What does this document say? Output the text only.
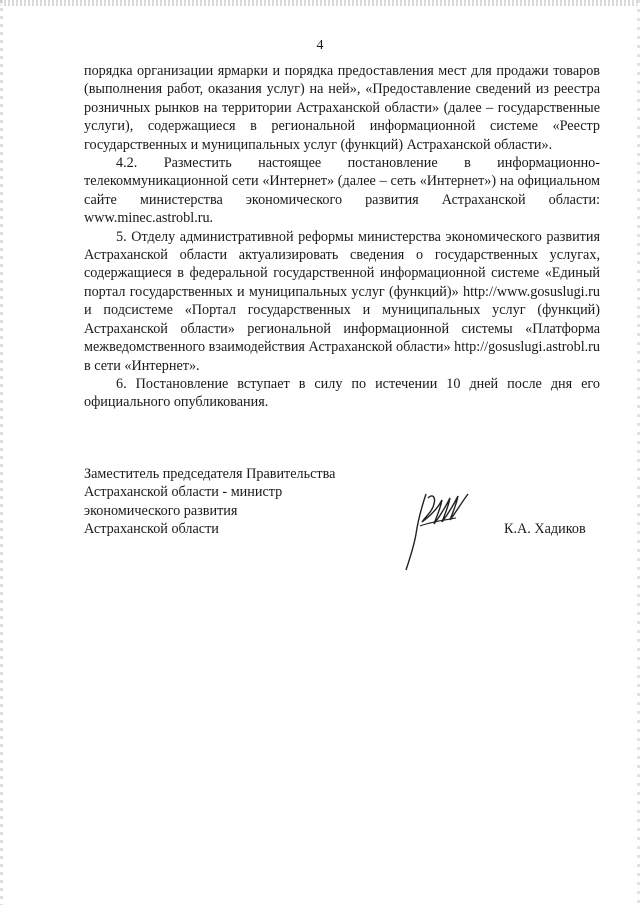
4

порядка организации ярмарки и порядка предоставления мест для продажи товаров (выполнения работ, оказания услуг) на ней», «Предоставление сведений из реестра розничных рынков на территории Астраханской области» (далее – государственные услуги), содержащиеся в региональной информационной системе «Реестр государственных и муниципальных услуг (функций) Астраханской области».

4.2. Разместить настоящее постановление в информационно-телекоммуникационной сети «Интернет» (далее – сеть «Интернет») на официальном сайте министерства экономического развития Астраханской области: www.minec.astrobl.ru.

5. Отделу административной реформы министерства экономического развития Астраханской области актуализировать сведения о государственных услугах, содержащиеся в федеральной государственной информационной системе «Единый портал государственных и муниципальных услуг (функций)» http://www.gosuslugi.ru и подсистеме «Портал государственных и муниципальных услуг (функций) Астраханской области» региональной информационной системы «Платформа межведомственного взаимодействия Астраханской области» http://gosuslugi.astrobl.ru в сети «Интернет».

6. Постановление вступает в силу по истечении 10 дней после дня его официального опубликования.

Заместитель председателя Правительства
Астраханской области - министр
экономического развития
Астраханской области	К.А. Хадиков
